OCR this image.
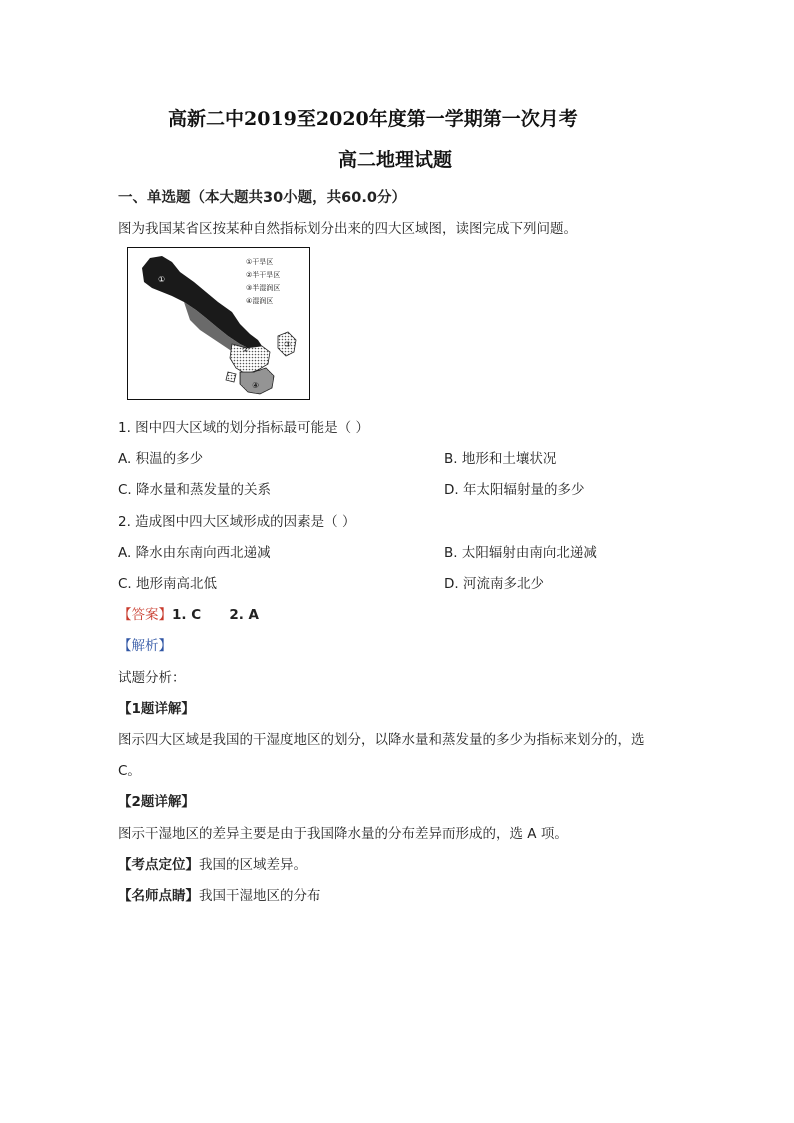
高新二中2019至2020年度第一学期第一次月考
高二地理试题
一、单选题（本大题共30小题，共60.0分）
图为我国某省区按某种自然指标划分出来的四大区域图，读图完成下列问题。
①
②
③
④
①干旱区
②半干旱区
③半湿润区
④湿润区
1. 图中四大区域的划分指标最可能是（ ）
A. 积温的多少	B. 地形和土壤状况
C. 降水量和蒸发量的关系	D. 年太阳辐射量的多少
2. 造成图中四大区域形成的因素是（ ）
A. 降水由东南向西北递减	B. 太阳辐射由南向北递减
C. 地形南高北低	D. 河流南多北少
【答案】1. C      2. A
【解析】
试题分析：
【1题详解】
图示四大区域是我国的干湿度地区的划分，以降水量和蒸发量的多少为指标来划分的，选
C。
【2题详解】
图示干湿地区的差异主要是由于我国降水量的分布差异而形成的，选 A 项。
【考点定位】我国的区域差异。
【名师点睛】我国干湿地区的分布
